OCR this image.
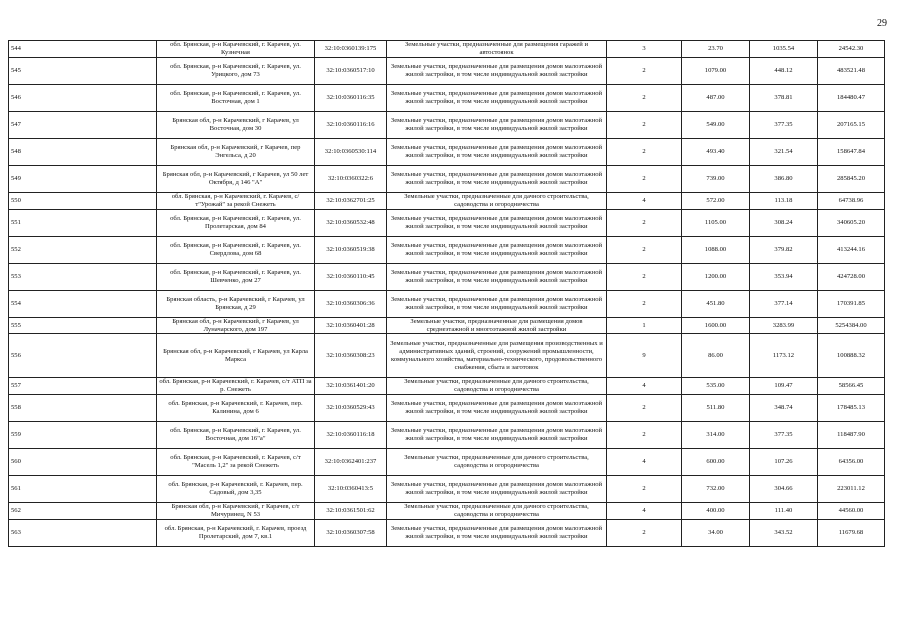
29
544	обл. Брянская, р-н Карачевский, г. Карачев, ул. Кузнечная	32:10:0360139:175	Земельные участки, предназначенные для размещения гаражей и автостоянок	3	23.70	1035.54	24542.30
545	обл. Брянская, р-н Карачевский, г. Карачев, ул. Урицкого, дом 73	32:10:0360517:10	Земельные участки, предназначенные для размещения домов малоэтажной жилой застройки, в том числе индивидуальной жилой застройки	2	1079.00	448.12	483521.48
546	обл. Брянская, р-н Карачевский, г. Карачев, ул. Восточная, дом 1	32:10:0360116:35	Земельные участки, предназначенные для размещения домов малоэтажной жилой застройки, в том числе индивидуальной жилой застройки	2	487.00	378.81	184480.47
547	Брянская обл, р-н Карачевский, г Карачев, ул Восточная, дом 30	32:10:0360116:16	Земельные участки, предназначенные для размещения домов малоэтажной жилой застройки, в том числе индивидуальной жилой застройки	2	549.00	377.35	207165.15
548	Брянская обл, р-н Карачевский, г Карачев, пер Энгельса, д 20	32:10:0360530:114	Земельные участки, предназначенные для размещения домов малоэтажной жилой застройки, в том числе индивидуальной жилой застройки	2	493.40	321.54	158647.84
549	Брянская обл, р-н Карачевский, г Карачев, ул 50 лет Октября, д 146 "А"	32:10:0360322:6	Земельные участки, предназначенные для размещения домов малоэтажной жилой застройки, в том числе индивидуальной жилой застройки	2	739.00	386.80	285845.20
550	обл. Брянская, р-н Карачевский, г. Карачев, с/т"Урожай" за рекой Снежеть	32:10:0362701:25	Земельные участки, предназначенные для дачного строительства, садоводства и огородничества	4	572.00	113.18	64738.96
551	обл. Брянская, р-н Карачевский, г. Карачев, ул. Пролетарская, дом 84	32:10:0360532:48	Земельные участки, предназначенные для размещения домов малоэтажной жилой застройки, в том числе индивидуальной жилой застройки	2	1105.00	308.24	340605.20
552	обл. Брянская, р-н Карачевский, г. Карачев, ул. Свердлова, дом 68	32:10:0360519:38	Земельные участки, предназначенные для размещения домов малоэтажной жилой застройки, в том числе индивидуальной жилой застройки	2	1088.00	379.82	413244.16
553	обл. Брянская, р-н Карачевский, г. Карачев, ул. Шевченко, дом 27	32:10:0360110:45	Земельные участки, предназначенные для размещения домов малоэтажной жилой застройки, в том числе индивидуальной жилой застройки	2	1200.00	353.94	424728.00
554	Брянская область, р-н Карачевский, г Карачев, ул Брянская, д 29	32:10:0360306:36	Земельные участки, предназначенные для размещения домов малоэтажной жилой застройки, в том числе индивидуальной жилой застройки	2	451.80	377.14	170391.85
555	Брянская обл, р-н Карачевский, г Карачев, ул Луначарского, дом 197	32:10:0360401:28	Земельные участки, предназначенные для размещения домов среднеэтажной и многоэтажной жилой застройки	1	1600.00	3283.99	5254384.00
556	Брянская обл, р-н Карачевский, г Карачев, ул Карла Маркса	32:10:0360308:23	Земельные участки, предназначенные для размещения производственных и административных зданий, строений, сооружений промышленности, коммунального хозяйства, материально-технического, продовольственного снабжения, сбыта и заготовок	9	86.00	1173.12	100888.32
557	обл. Брянская, р-н Карачевский, г. Карачев, с/т АТП за р. Снежеть	32:10:0361401:20	Земельные участки, предназначенные для дачного строительства, садоводства и огородничества	4	535.00	109.47	58566.45
558	обл. Брянская, р-н Карачевский, г. Карачев, пер. Калинина, дом 6	32:10:0360529:43	Земельные участки, предназначенные для размещения домов малоэтажной жилой застройки, в том числе индивидуальной жилой застройки	2	511.80	348.74	178485.13
559	обл. Брянская, р-н Карачевский, г. Карачев, ул. Восточная, дом 16"а"	32:10:0360116:18	Земельные участки, предназначенные для размещения домов малоэтажной жилой застройки, в том числе индивидуальной жилой застройки	2	314.00	377.35	118487.90
560	обл. Брянская, р-н Карачевский, г. Карачев, с/т "Масель 1,2" за рекой Снежеть	32:10:0362401:237	Земельные участки, предназначенные для дачного строительства, садоводства и огородничества	4	600.00	107.26	64356.00
561	обл. Брянская, р-н Карачевский, г. Карачев, пер. Садовый, дом 3,35	32:10:0360413:5	Земельные участки, предназначенные для размещения домов малоэтажной жилой застройки, в том числе индивидуальной жилой застройки	2	732.00	304.66	223011.12
562	Брянская обл, р-н Карачевский, г Карачев, с/т Мичуринец, N 53	32:10:0361501:62	Земельные участки, предназначенные для дачного строительства, садоводства и огородничества	4	400.00	111.40	44560.00
563	обл. Брянская, р-н Карачевский, г. Карачев, проезд Пролетарский, дом 7, кв.1	32:10:0360307:58	Земельные участки, предназначенные для размещения домов малоэтажной жилой застройки, в том числе индивидуальной жилой застройки	2	34.00	343.52	11679.68
